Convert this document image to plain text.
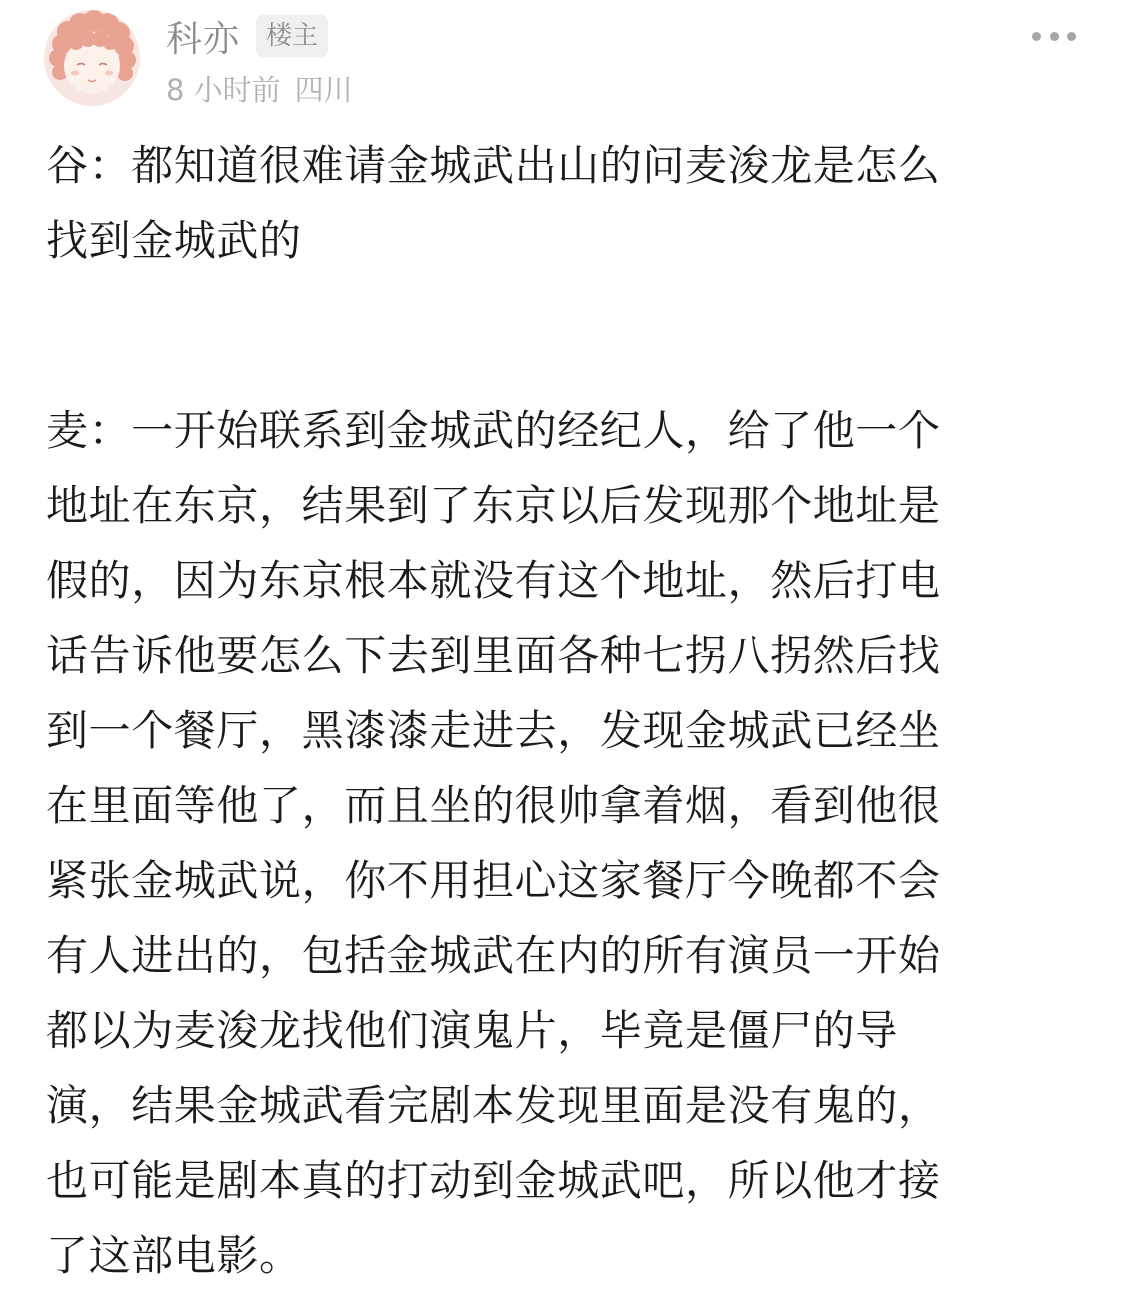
科亦	楼主
8 小时前 四川

谷：都知道很难请金城武出山的问麦浚龙是怎么

找到金城武的

麦：一开始联系到金城武的经纪人，给了他一个

地址在东京，结果到了东京以后发现那个地址是

假的，因为东京根本就没有这个地址，然后打电

话告诉他要怎么下去到里面各种七拐八拐然后找

到一个餐厅，黑漆漆走进去，发现金城武已经坐

在里面等他了，而且坐的很帅拿着烟，看到他很

紧张金城武说，你不用担心这家餐厅今晚都不会

有人进出的，包括金城武在内的所有演员一开始

都以为麦浚龙找他们演鬼片，毕竟是僵尸的导

演，结果金城武看完剧本发现里面是没有鬼的，

也可能是剧本真的打动到金城武吧，所以他才接

了这部电影。
